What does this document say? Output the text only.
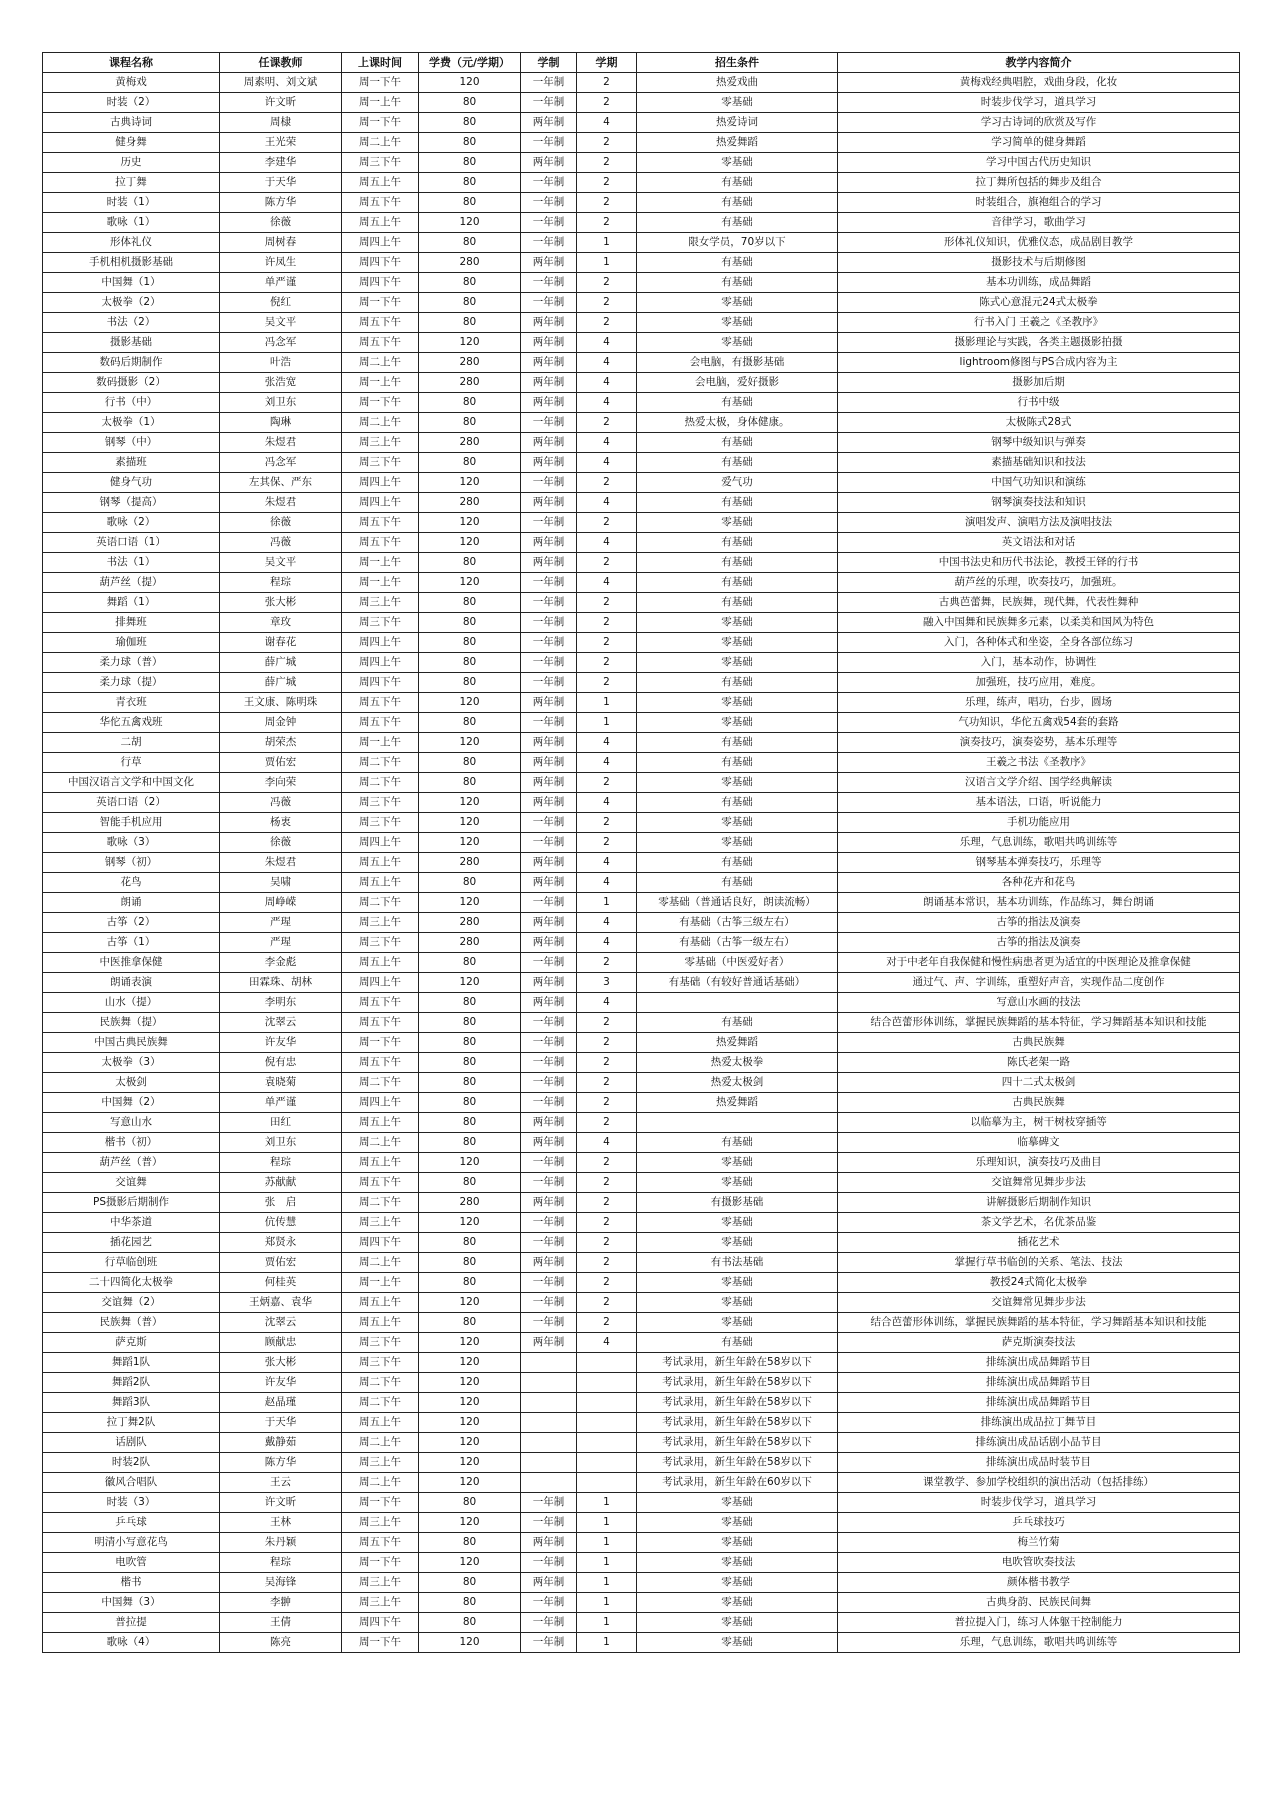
课程名称	任课教师	上课时间	学费（元/学期）	学制	学期	招生条件	教学内容简介
黄梅戏	周素明、刘文斌	周一下午	120	一年制	2	热爱戏曲	黄梅戏经典唱腔，戏曲身段，化妆
时装（2）	许文昕	周一上午	80	一年制	2	零基础	时装步伐学习，道具学习
古典诗词	周棣	周一下午	80	两年制	4	热爱诗词	学习古诗词的欣赏及写作
健身舞	王光荣	周二上午	80	一年制	2	热爱舞蹈	学习简单的健身舞蹈
历史	李建华	周三下午	80	两年制	2	零基础	学习中国古代历史知识
拉丁舞	于天华	周五上午	80	一年制	2	有基础	拉丁舞所包括的舞步及组合
时装（1）	陈方华	周五下午	80	一年制	2	有基础	时装组合，旗袍组合的学习
歌咏（1）	徐薇	周五上午	120	一年制	2	有基础	音律学习，歌曲学习
形体礼仪	周树春	周四上午	80	一年制	1	限女学员，70岁以下	形体礼仪知识，优雅仪态，成品剧目教学
手机相机摄影基础	许凤生	周四下午	280	两年制	1	有基础	摄影技术与后期修图
中国舞（1）	单严谨	周四下午	80	一年制	2	有基础	基本功训练，成品舞蹈
太极拳（2）	倪红	周一下午	80	一年制	2	零基础	陈式心意混元24式太极拳
书法（2）	吴文平	周五下午	80	两年制	2	零基础	行书入门 王羲之《圣教序》
摄影基础	冯念军	周五下午	120	两年制	4	零基础	摄影理论与实践，各类主题摄影拍摄
数码后期制作	叶浩	周二上午	280	两年制	4	会电脑，有摄影基础	lightroom修图与PS合成内容为主
数码摄影（2）	张浩宽	周一上午	280	两年制	4	会电脑，爱好摄影	摄影加后期
行书（中）	刘卫东	周一下午	80	两年制	4	有基础	行书中级
太极拳（1）	陶琳	周二上午	80	一年制	2	热爱太极，身体健康。	太极陈式28式
钢琴（中）	朱煜君	周三上午	280	两年制	4	有基础	钢琴中级知识与弹奏
素描班	冯念军	周三下午	80	两年制	4	有基础	素描基础知识和技法
健身气功	左其保、严东	周四上午	120	一年制	2	爱气功	中国气功知识和演练
钢琴（提高）	朱煜君	周四上午	280	两年制	4	有基础	钢琴演奏技法和知识
歌咏（2）	徐薇	周五下午	120	一年制	2	零基础	演唱发声、演唱方法及演唱技法
英语口语（1）	冯薇	周五下午	120	两年制	4	有基础	英文语法和对话
书法（1）	吴文平	周一上午	80	两年制	2	有基础	中国书法史和历代书法论，教授王铎的行书
葫芦丝（提）	程琮	周一上午	120	一年制	4	有基础	葫芦丝的乐理，吹奏技巧，加强班。
舞蹈（1）	张大彬	周三上午	80	一年制	2	有基础	古典芭蕾舞，民族舞，现代舞，代表性舞种
排舞班	章玫	周三下午	80	一年制	2	零基础	融入中国舞和民族舞多元素，以柔美和国风为特色
瑜伽班	谢春花	周四上午	80	一年制	2	零基础	入门，各种体式和坐姿，全身各部位练习
柔力球（普）	薛广城	周四上午	80	一年制	2	零基础	入门，基本动作，协调性
柔力球（提）	薛广城	周四下午	80	一年制	2	有基础	加强班，技巧应用，难度。
青衣班	王文康、陈明珠	周五下午	120	两年制	1	零基础	乐理，练声，唱功，台步，圆场
华佗五禽戏班	周金钟	周五下午	80	一年制	1	零基础	气功知识，华佗五禽戏54套的套路
二胡	胡荣杰	周一上午	120	两年制	4	有基础	演奏技巧，演奏姿势，基本乐理等
行草	贾佑宏	周二下午	80	两年制	4	有基础	王羲之书法《圣教序》
中国汉语言文学和中国文化	李向荣	周二下午	80	两年制	2	零基础	汉语言文学介绍、国学经典解读
英语口语（2）	冯薇	周三下午	120	两年制	4	有基础	基本语法，口语，听说能力
智能手机应用	杨衷	周三下午	120	一年制	2	零基础	手机功能应用
歌咏（3）	徐薇	周四上午	120	一年制	2	零基础	乐理，气息训练，歌唱共鸣训练等
钢琴（初）	朱煜君	周五上午	280	两年制	4	有基础	钢琴基本弹奏技巧，乐理等
花鸟	吴啸	周五上午	80	两年制	4	有基础	各种花卉和花鸟
朗诵	周峥嵘	周二下午	120	一年制	1	零基础（普通话良好，朗读流畅）	朗诵基本常识，基本功训练，作品练习，舞台朗诵
古筝（2）	严瑆	周三上午	280	两年制	4	有基础（古筝三级左右）	古筝的指法及演奏
古筝（1）	严瑆	周三下午	280	两年制	4	有基础（古筝一级左右）	古筝的指法及演奏
中医推拿保健	李金彪	周五上午	80	一年制	2	零基础（中医爱好者）	对于中老年自我保健和慢性病患者更为适宜的中医理论及推拿保健
朗诵表演	田霖珠、胡林	周四上午	120	两年制	3	有基础（有较好普通话基础）	通过气、声、字训练，重塑好声音，实现作品二度创作
山水（提）	李明东	周五下午	80	两年制	4		写意山水画的技法
民族舞（提）	沈翠云	周五下午	80	一年制	2	有基础	结合芭蕾形体训练，掌握民族舞蹈的基本特征，学习舞蹈基本知识和技能
中国古典民族舞	许友华	周一下午	80	一年制	2	热爱舞蹈	古典民族舞
太极拳（3）	倪有忠	周五下午	80	一年制	2	热爱太极拳	陈氏老架一路
太极剑	袁晓菊	周二下午	80	一年制	2	热爱太极剑	四十二式太极剑
中国舞（2）	单严谨	周四上午	80	一年制	2	热爱舞蹈	古典民族舞
写意山水	田红	周五上午	80	两年制	2		以临摹为主，树干树枝穿插等
楷书（初）	刘卫东	周二上午	80	两年制	4	有基础	临摹碑文
葫芦丝（普）	程琮	周五上午	120	一年制	2	零基础	乐理知识，演奏技巧及曲目
交谊舞	苏献献	周五下午	80	一年制	2	零基础	交谊舞常见舞步步法
PS摄影后期制作	张　启	周二下午	280	两年制	2	有摄影基础	讲解摄影后期制作知识
中华茶道	伉传慧	周三上午	120	一年制	2	零基础	茶文学艺术，名优茶品鉴
插花园艺	郑贤永	周四下午	80	一年制	2	零基础	插花艺术
行草临创班	贾佑宏	周二上午	80	两年制	2	有书法基础	掌握行草书临创的关系、笔法、技法
二十四简化太极拳	何桂英	周一上午	80	一年制	2	零基础	教授24式简化太极拳
交谊舞（2）	王炳嘉、袁华	周五上午	120	一年制	2	零基础	交谊舞常见舞步步法
民族舞（普）	沈翠云	周五上午	80	一年制	2	零基础	结合芭蕾形体训练，掌握民族舞蹈的基本特征，学习舞蹈基本知识和技能
萨克斯	顾献忠	周三下午	120	两年制	4	有基础	萨克斯演奏技法
舞蹈1队	张大彬	周三下午	120			考试录用，新生年龄在58岁以下	排练演出成品舞蹈节目
舞蹈2队	许友华	周二下午	120			考试录用，新生年龄在58岁以下	排练演出成品舞蹈节目
舞蹈3队	赵晶瑾	周二下午	120			考试录用，新生年龄在58岁以下	排练演出成品舞蹈节目
拉丁舞2队	于天华	周五上午	120			考试录用，新生年龄在58岁以下	排练演出成品拉丁舞节目
话剧队	戴静茹	周二上午	120			考试录用，新生年龄在58岁以下	排练演出成品话剧小品节目
时装2队	陈方华	周三上午	120			考试录用，新生年龄在58岁以下	排练演出成品时装节目
徽风合唱队	王云	周二上午	120			考试录用，新生年龄在60岁以下	课堂教学、参加学校组织的演出活动（包括排练）
时装（3）	许文昕	周一下午	80	一年制	1	零基础	时装步伐学习，道具学习
乒乓球	王林	周三上午	120	一年制	1	零基础	乒乓球技巧
明清小写意花鸟	朱丹颖	周五下午	80	两年制	1	零基础	梅兰竹菊
电吹管	程琮	周一下午	120	一年制	1	零基础	电吹管吹奏技法
楷书	吴海锋	周三上午	80	两年制	1	零基础	颜体楷书教学
中国舞（3）	李翀	周三上午	80	一年制	1	零基础	古典身韵、民族民间舞
普拉提	王倩	周四下午	80	一年制	1	零基础	普拉提入门，练习人体躯干控制能力
歌咏（4）	陈亮	周一下午	120	一年制	1	零基础	乐理，气息训练，歌唱共鸣训练等
